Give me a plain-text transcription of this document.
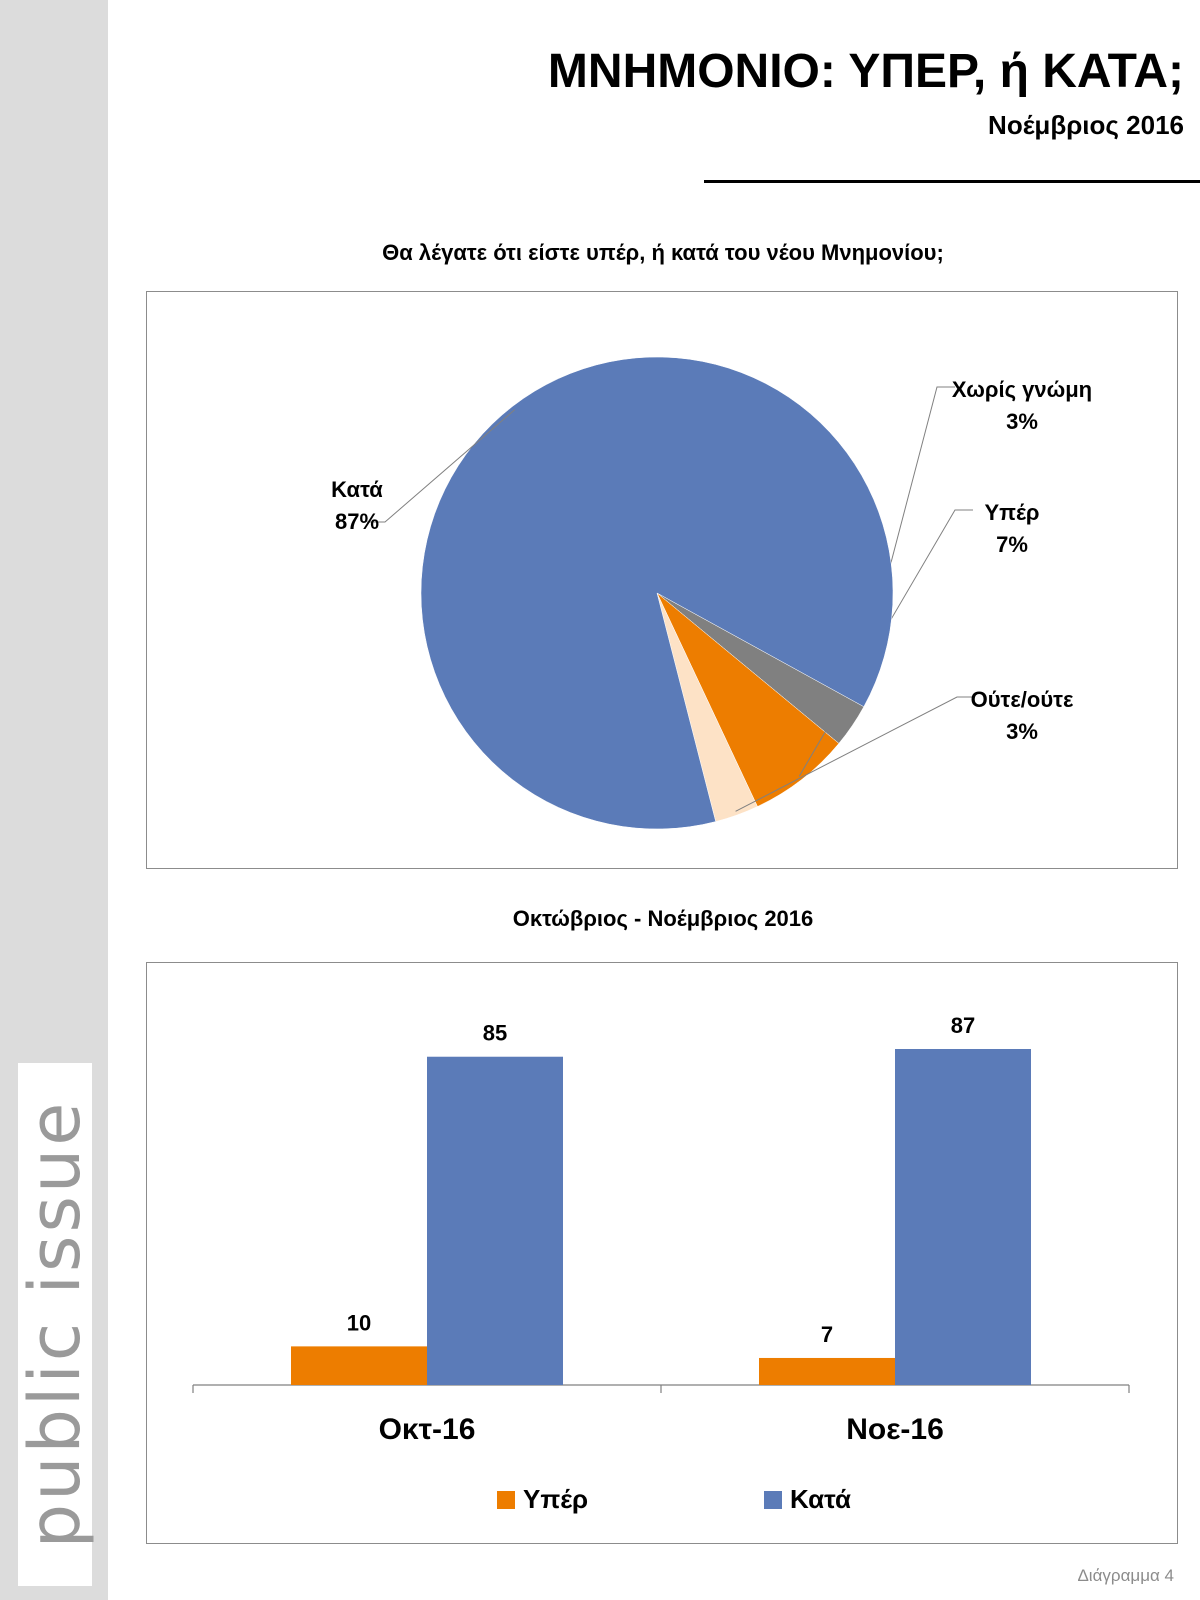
public issue
ΜΝΗΜΟΝΙΟ: ΥΠΕΡ, ή ΚΑΤΑ;
Νοέμβριος 2016
Θα λέγατε ότι είστε υπέρ, ή κατά του νέου Μνημονίου;
Χωρίς γνώμη
3%
Υπέρ
7%
Ούτε/ούτε
3%
Κατά
87%
Οκτώβριος - Νοέμβριος 2016
10
85
Οκτ-16
7
87
Νοε-16
Υπέρ	Κατά
Διάγραμμα 4
